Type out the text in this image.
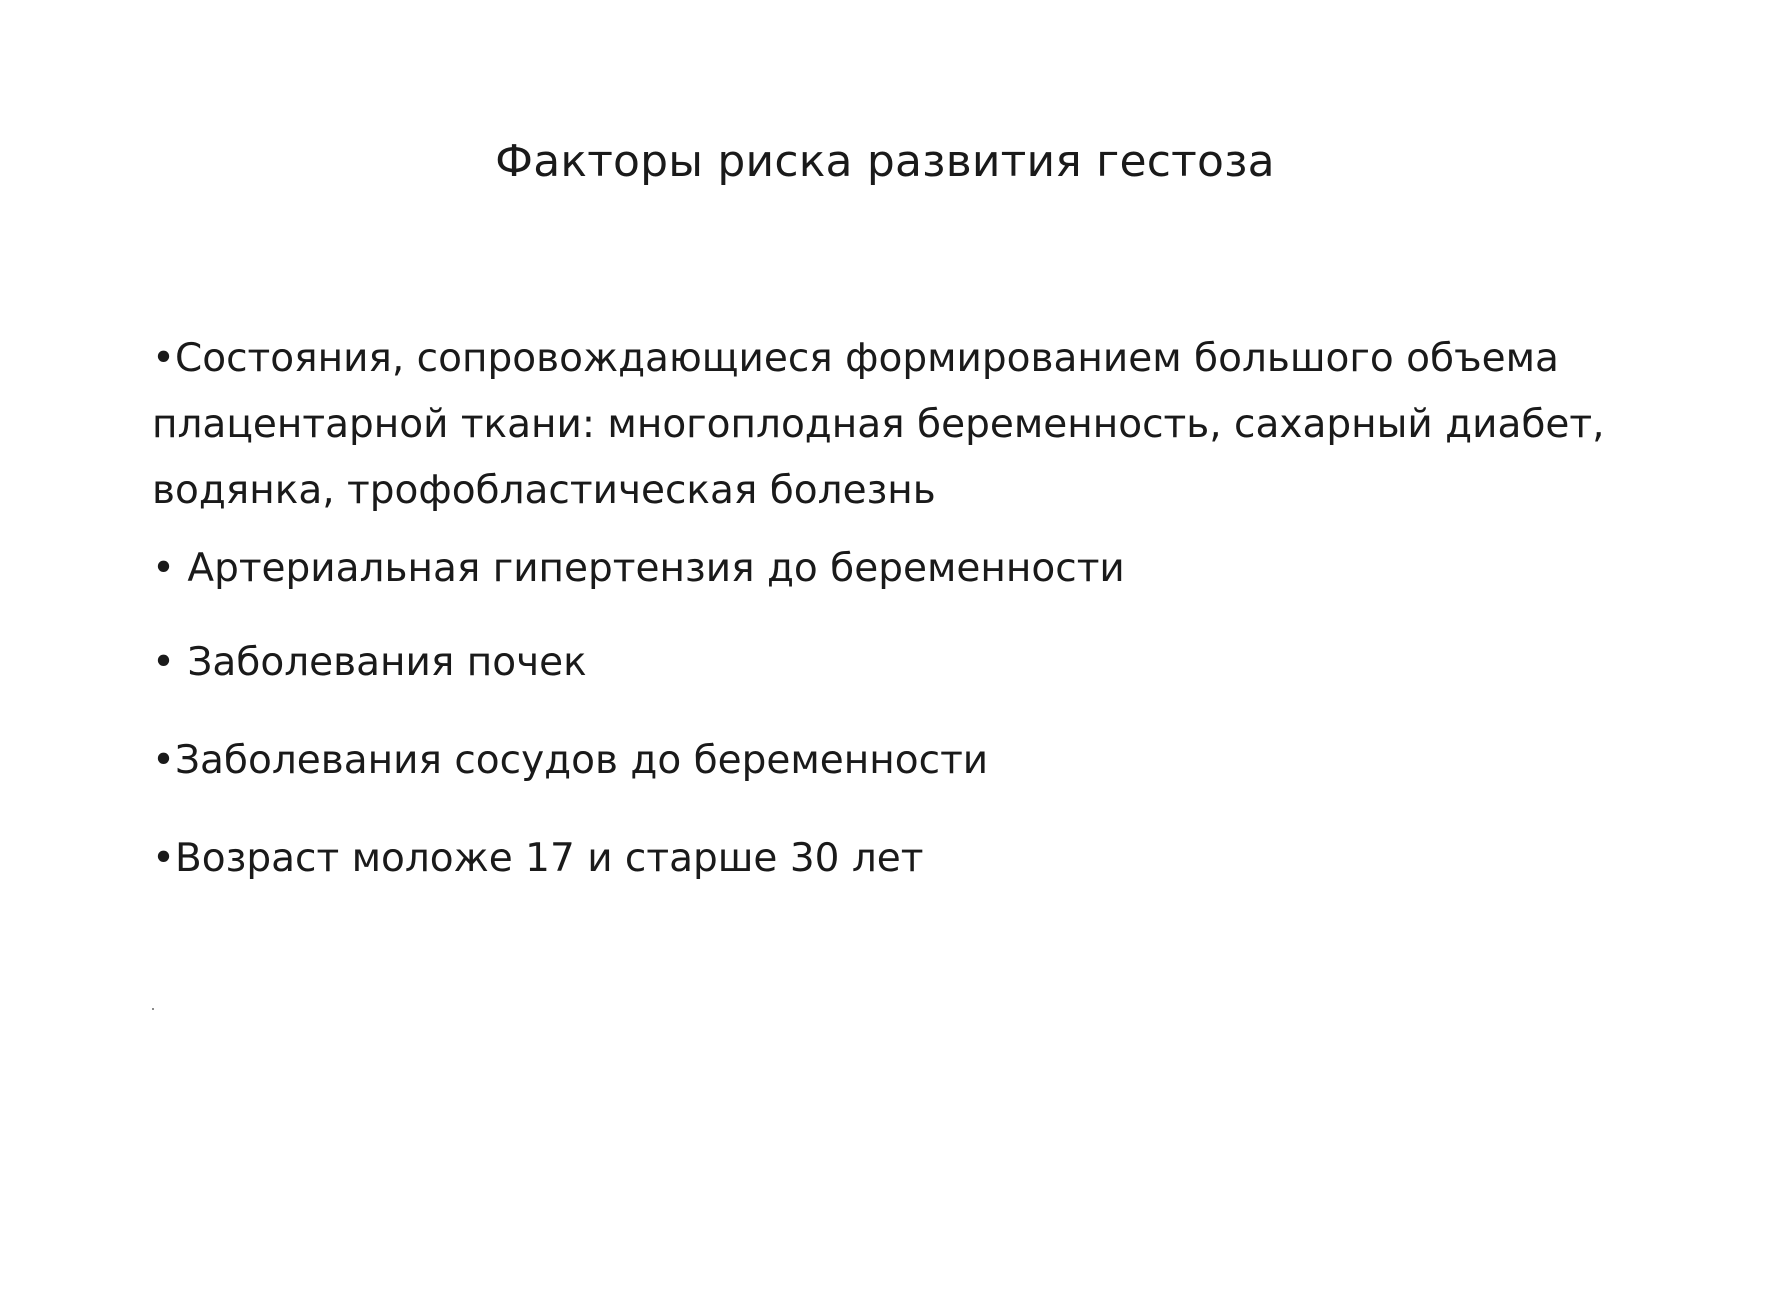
Факторы риска развития гестоза
•Состояния, сопровождающиеся формированием большого объема
плацентарной ткани: многоплодная беременность, сахарный диабет,
водянка, трофобластическая болезнь
• Артериальная гипертензия до беременности
• Заболевания почек
•Заболевания сосудов до беременности
•Возраст моложе 17 и старше 30 лет
